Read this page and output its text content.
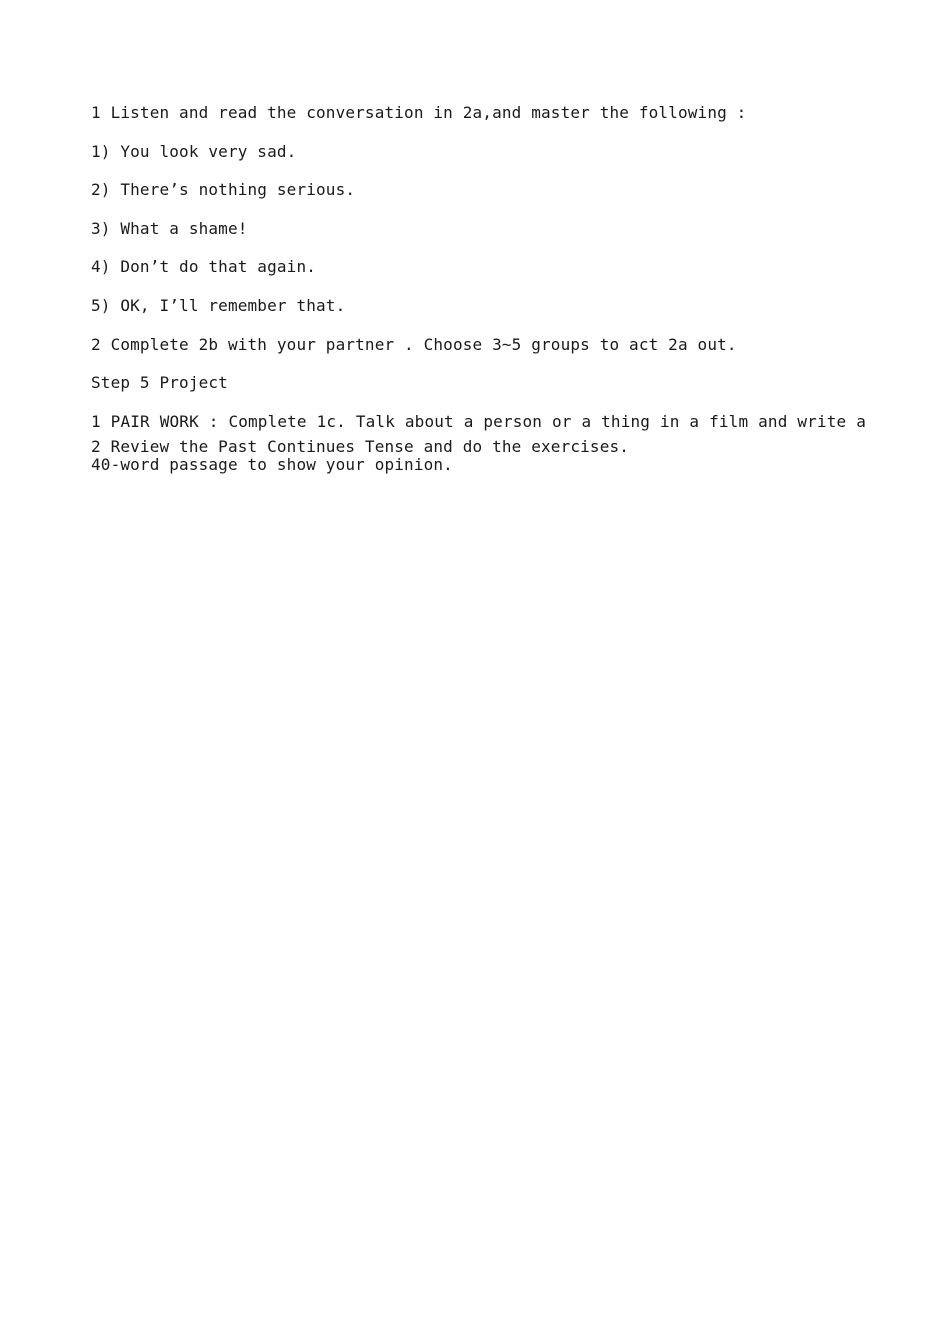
1 Listen and read the conversation in 2a,and master the following :
1) You look very sad.
2) There’s nothing serious.
3) What a shame!
4) Don’t do that again.
5) OK, I’ll remember that.
2 Complete 2b with your partner . Choose 3~5 groups to act 2a out.
Step 5 Project
1 PAIR WORK : Complete 1c. Talk about a person or a thing in a film and write a 40-word passage to show your opinion.
2 Review the Past Continues Tense and do the exercises.
